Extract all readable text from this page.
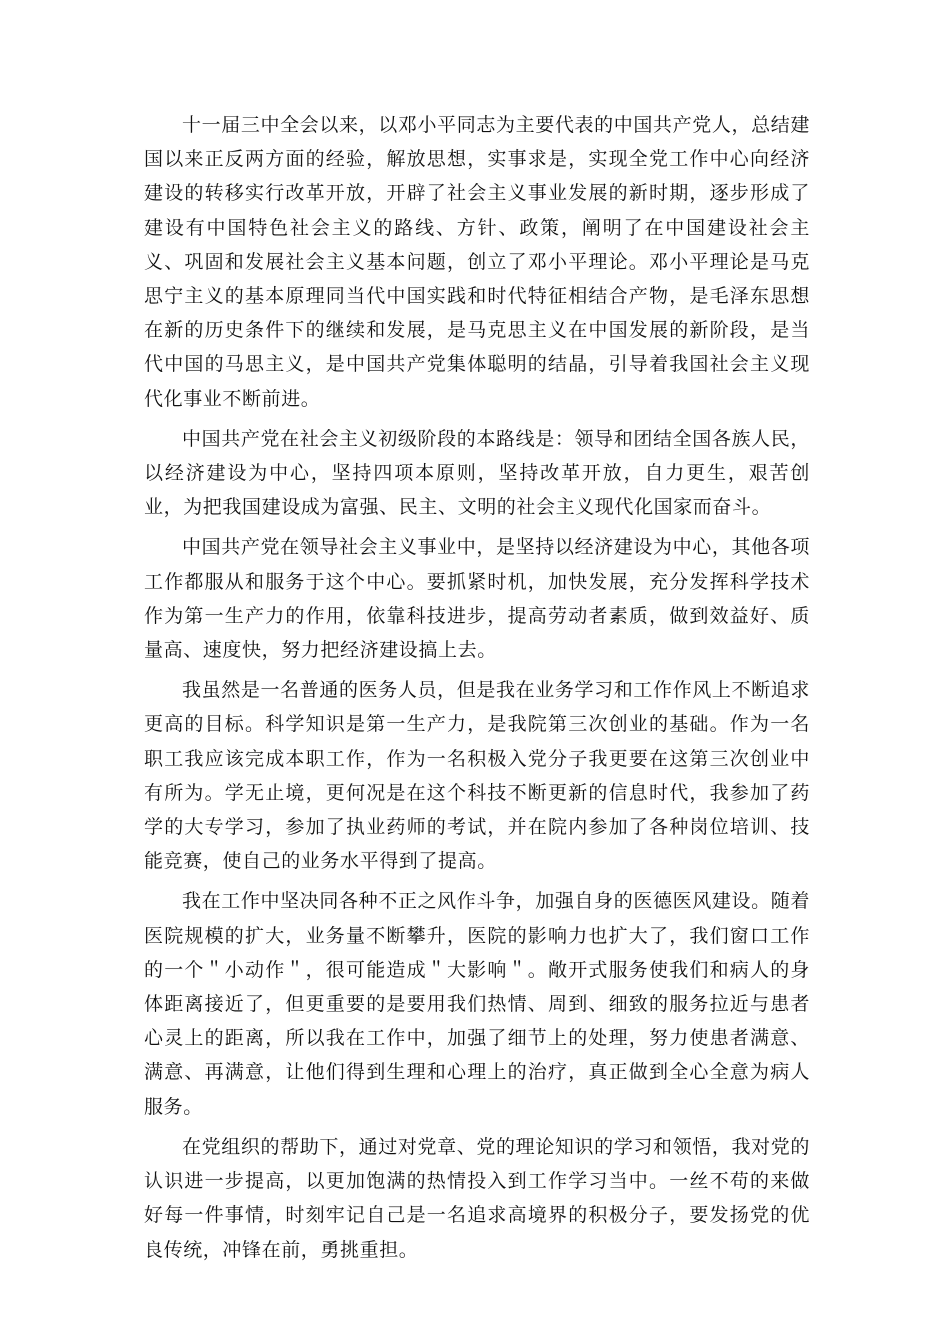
十一届三中全会以来，以邓小平同志为主要代表的中国共产党人，总结建国以来正反两方面的经验，解放思想，实事求是，实现全党工作中心向经济建设的转移实行改革开放，开辟了社会主义事业发展的新时期，逐步形成了建设有中国特色社会主义的路线、方针、政策，阐明了在中国建设社会主义、巩固和发展社会主义基本问题，创立了邓小平理论。邓小平理论是马克思宁主义的基本原理同当代中国实践和时代特征相结合产物，是毛泽东思想在新的历史条件下的继续和发展，是马克思主义在中国发展的新阶段，是当代中国的马思主义，是中国共产党集体聪明的结晶，引导着我国社会主义现代化事业不断前进。

中国共产党在社会主义初级阶段的本路线是：领导和团结全国各族人民，以经济建设为中心，坚持四项本原则，坚持改革开放，自力更生，艰苦创业，为把我国建设成为富强、民主、文明的社会主义现代化国家而奋斗。

中国共产党在领导社会主义事业中，是坚持以经济建设为中心，其他各项工作都服从和服务于这个中心。要抓紧时机，加快发展，充分发挥科学技术作为第一生产力的作用，依靠科技进步，提高劳动者素质，做到效益好、质量高、速度快，努力把经济建设搞上去。

我虽然是一名普通的医务人员，但是我在业务学习和工作作风上不断追求更高的目标。科学知识是第一生产力，是我院第三次创业的基础。作为一名职工我应该完成本职工作，作为一名积极入党分子我更要在这第三次创业中有所为。学无止境，更何况是在这个科技不断更新的信息时代，我参加了药学的大专学习，参加了执业药师的考试，并在院内参加了各种岗位培训、技能竞赛，使自己的业务水平得到了提高。

我在工作中坚决同各种不正之风作斗争，加强自身的医德医风建设。随着医院规模的扩大，业务量不断攀升，医院的影响力也扩大了，我们窗口工作的一个＂小动作＂，很可能造成＂大影响＂。敞开式服务使我们和病人的身体距离接近了，但更重要的是要用我们热情、周到、细致的服务拉近与患者心灵上的距离，所以我在工作中，加强了细节上的处理，努力使患者满意、满意、再满意，让他们得到生理和心理上的治疗，真正做到全心全意为病人服务。

在党组织的帮助下，通过对党章、党的理论知识的学习和领悟，我对党的认识进一步提高，以更加饱满的热情投入到工作学习当中。一丝不苟的来做好每一件事情，时刻牢记自己是一名追求高境界的积极分子，要发扬党的优良传统，冲锋在前，勇挑重担。
